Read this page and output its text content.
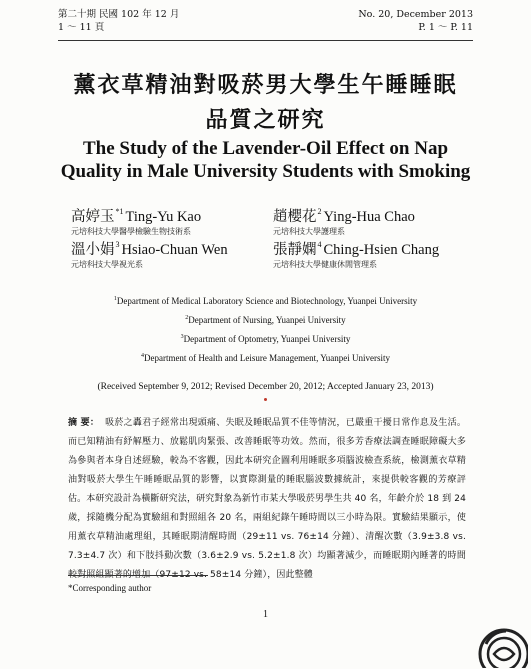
第二十期 民國 102 年 12 月
1 ～ 11 頁
No. 20, December 2013
P. 1 ～ P. 11
薰衣草精油對吸菸男大學生午睡睡眠
品質之研究
The Study of the Lavender-Oil Effect on Nap
Quality in Male University Students with Smoking
高婷玉$^{*1}$ Ting-Yu Kao
元培科技大學醫學檢驗生物技術系
趙櫻花$^2$ Ying-Hua Chao
元培科技大學護理系
溫小娟$^3$ Hsiao-Chuan Wen
元培科技大學視光系
張靜嫻$^4$ Ching-Hsien Chang
元培科技大學健康休閒管理系
$^1$Department of Medical Laboratory Science and Biotechnology, Yuanpei University
$^2$Department of Nursing, Yuanpei University
$^3$Department of Optometry, Yuanpei University
$^4$Department of Health and Leisure Management, Yuanpei University
(Received September 9, 2012; Revised December 20, 2012; Accepted January 23, 2013)
摘 要： 吸菸之轟君子經常出現頭痛、失眠及睡眠品質不佳等情況，已嚴重干擾日常作息及生活。而已知精油有紓解壓力、放鬆肌肉緊張、改善睡眠等功效。然而，很多芳香療法調查睡眠障礙大多為參與者本身自述經驗，較為不客觀，因此本研究企圖利用睡眠多項腦波檢查系統，檢測薰衣草精油對吸菸大學生午睡睡眠品質的影響，以實際測量的睡眠腦波數據統計，來提供較客觀的芳療評估。本研究設計為橫斷研究法，研究對象為新竹市某大學吸菸男學生共 40 名，年齡介於 18 到 24 歲，採隨機分配為實驗組和對照組各 20 名，兩組紀錄午睡時間以三小時為限。實驗結果顯示，使用薰衣草精油處理組，其睡眠期清醒時間（29±11 vs. 76±14 分鐘）、清醒次數（3.9±3.8 vs. 7.3±4.7 次）和下肢抖動次數（3.6±2.9 vs. 5.2±1.8 次）均顯著減少，而睡眠期內睡著的時間較對照組顯著的增加（97±12 vs. 58±14 分鐘），因此整體
*Corresponding author
1
